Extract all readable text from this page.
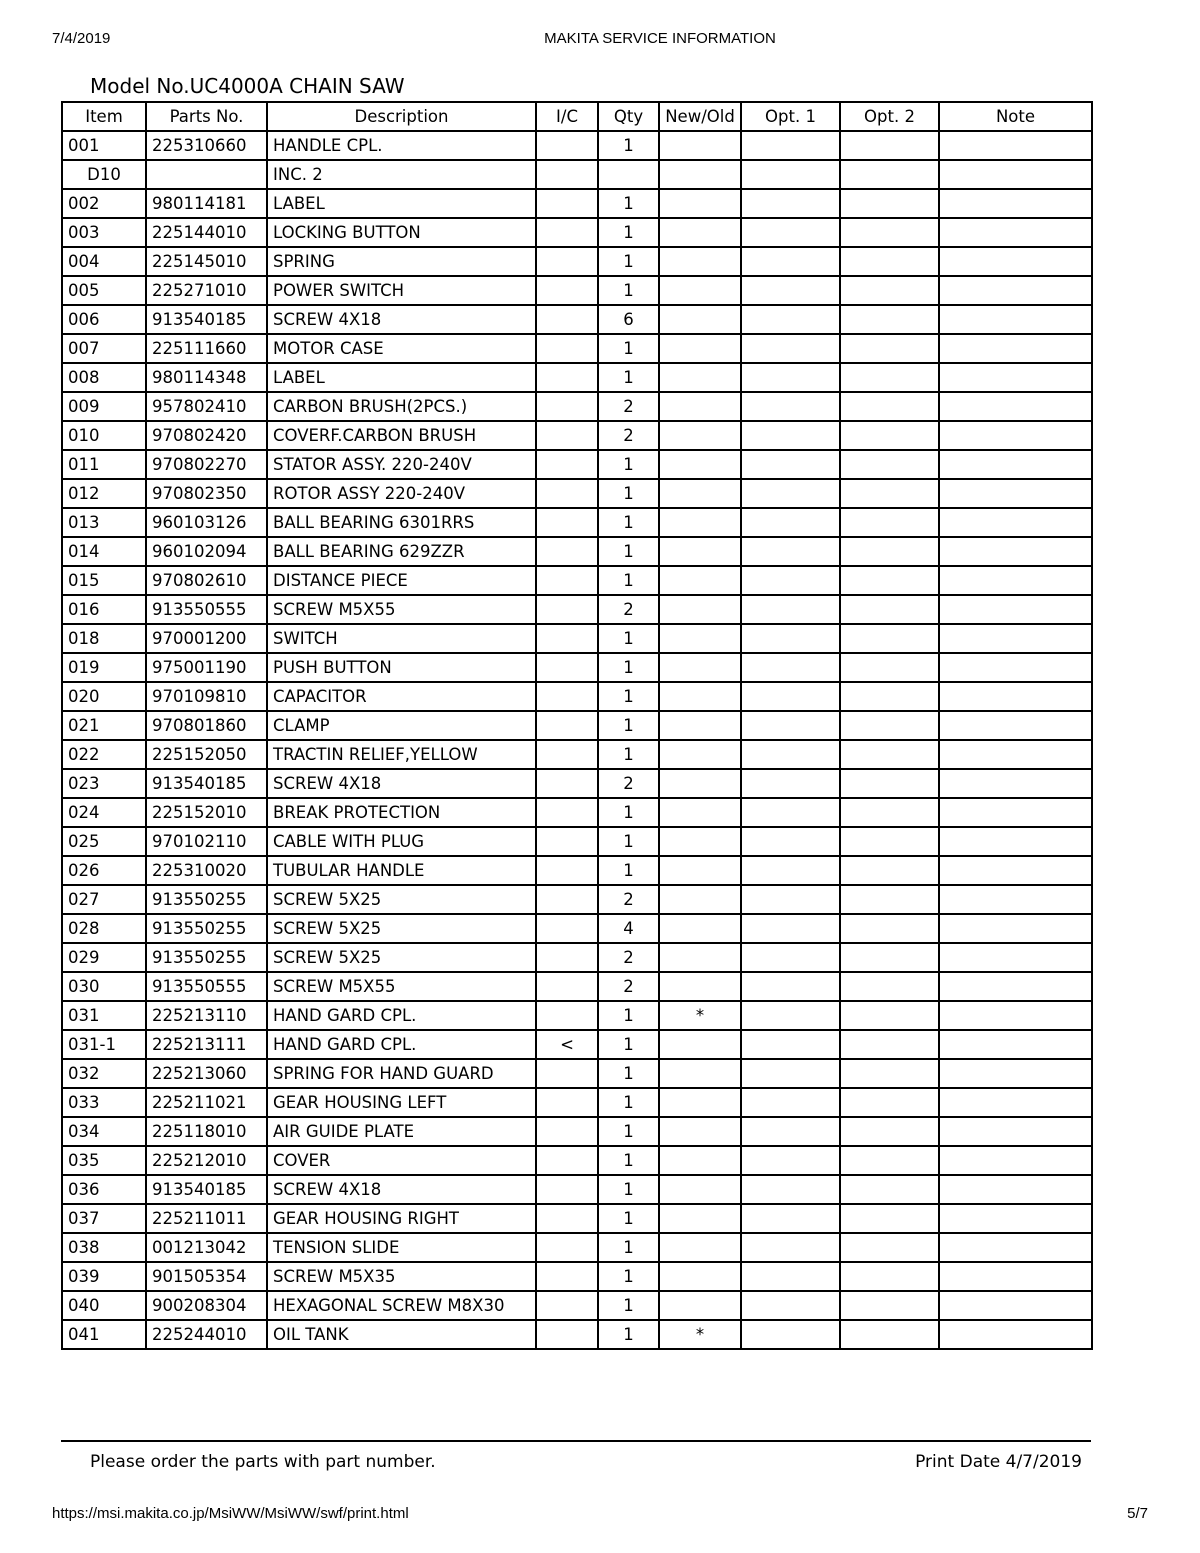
7/4/2019	MAKITA SERVICE INFORMATION
Model No.UC4000A CHAIN SAW
Item	Parts No.	Description	I/C	Qty	New/Old	Opt. 1	Opt. 2	Note
001	225310660	HANDLE CPL.		1				
D10		INC. 2						
002	980114181	LABEL		1				
003	225144010	LOCKING BUTTON		1				
004	225145010	SPRING		1				
005	225271010	POWER SWITCH		1				
006	913540185	SCREW 4X18		6				
007	225111660	MOTOR CASE		1				
008	980114348	LABEL		1				
009	957802410	CARBON BRUSH(2PCS.)		2				
010	970802420	COVERF.CARBON BRUSH		2				
011	970802270	STATOR ASSY. 220-240V		1				
012	970802350	ROTOR ASSY 220-240V		1				
013	960103126	BALL BEARING 6301RRS		1				
014	960102094	BALL BEARING 629ZZR		1				
015	970802610	DISTANCE PIECE		1				
016	913550555	SCREW M5X55		2				
018	970001200	SWITCH		1				
019	975001190	PUSH BUTTON		1				
020	970109810	CAPACITOR		1				
021	970801860	CLAMP		1				
022	225152050	TRACTIN RELIEF,YELLOW		1				
023	913540185	SCREW 4X18		2				
024	225152010	BREAK PROTECTION		1				
025	970102110	CABLE WITH PLUG		1				
026	225310020	TUBULAR HANDLE		1				
027	913550255	SCREW 5X25		2				
028	913550255	SCREW 5X25		4				
029	913550255	SCREW 5X25		2				
030	913550555	SCREW M5X55		2				
031	225213110	HAND GARD CPL.		1	*			
031-1	225213111	HAND GARD CPL.	<	1				
032	225213060	SPRING FOR HAND GUARD		1				
033	225211021	GEAR HOUSING LEFT		1				
034	225118010	AIR GUIDE PLATE		1				
035	225212010	COVER		1				
036	913540185	SCREW 4X18		1				
037	225211011	GEAR HOUSING RIGHT		1				
038	001213042	TENSION SLIDE		1				
039	901505354	SCREW M5X35		1				
040	900208304	HEXAGONAL SCREW M8X30		1				
041	225244010	OIL TANK		1	*			
Please order the parts with part number.	Print Date 4/7/2019
https://msi.makita.co.jp/MsiWW/MsiWW/swf/print.html	5/7
